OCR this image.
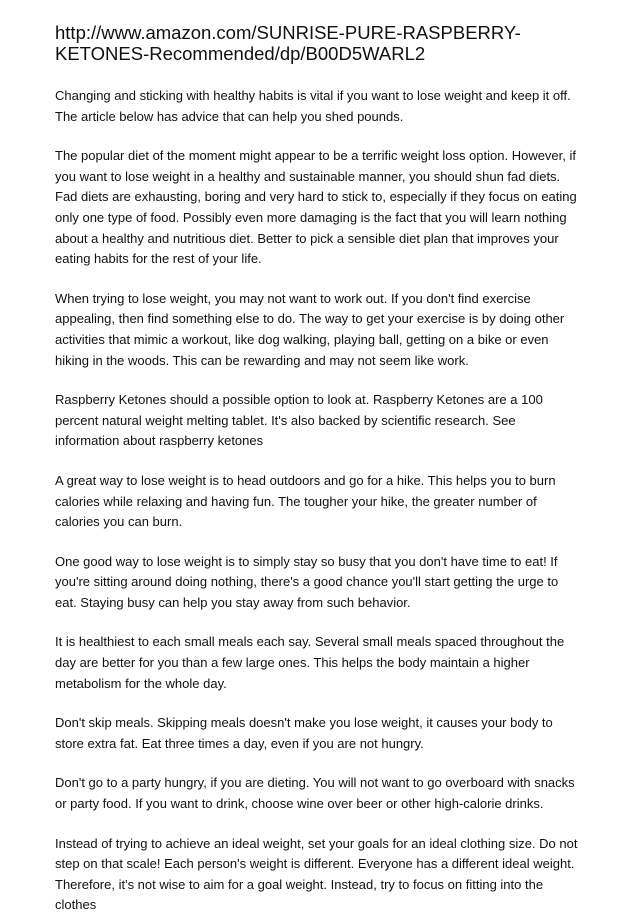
http://www.amazon.com/SUNRISE-PURE-RASPBERRY-
KETONES-Recommended/dp/B00D5WARL2

Changing and sticking with healthy habits is vital if you want to lose weight and keep it off. The article below has advice that can help you shed pounds.

The popular diet of the moment might appear to be a terrific weight loss option. However, if you want to lose weight in a healthy and sustainable manner, you should shun fad diets. Fad diets are exhausting, boring and very hard to stick to, especially if they focus on eating only one type of food. Possibly even more damaging is the fact that you will learn nothing about a healthy and nutritious diet. Better to pick a sensible diet plan that improves your eating habits for the rest of your life.

When trying to lose weight, you may not want to work out. If you don't find exercise appealing, then find something else to do. The way to get your exercise is by doing other activities that mimic a workout, like dog walking, playing ball, getting on a bike or even hiking in the woods. This can be rewarding and may not seem like work.

Raspberry Ketones should a possible option to look at. Raspberry Ketones are a 100 percent natural weight melting tablet. It's also backed by scientific research. See information about raspberry ketones

A great way to lose weight is to head outdoors and go for a hike. This helps you to burn calories while relaxing and having fun. The tougher your hike, the greater number of calories you can burn.

One good way to lose weight is to simply stay so busy that you don't have time to eat! If you're sitting around doing nothing, there's a good chance you'll start getting the urge to eat. Staying busy can help you stay away from such behavior.

It is healthiest to each small meals each say. Several small meals spaced throughout the day are better for you than a few large ones. This helps the body maintain a higher metabolism for the whole day.

Don't skip meals. Skipping meals doesn't make you lose weight, it causes your body to store extra fat. Eat three times a day, even if you are not hungry.

Don't go to a party hungry, if you are dieting. You will not want to go overboard with snacks or party food. If you want to drink, choose wine over beer or other high-calorie drinks.

Instead of trying to achieve an ideal weight, set your goals for an ideal clothing size. Do not step on that scale! Each person's weight is different. Everyone has a different ideal weight. Therefore, it's not wise to aim for a goal weight. Instead, try to focus on fitting into the clothes
